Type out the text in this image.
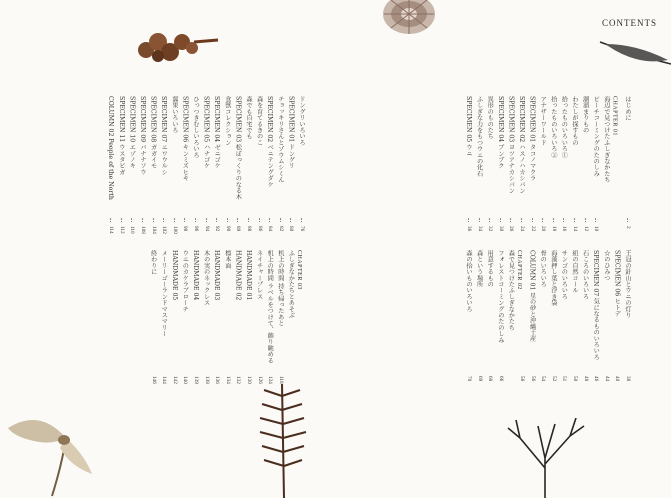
CONTENTS
はじめに
2
CHAPTER 01
海辺で見つけたふしぎなかたち
ビーチコーミングのたのしみ
10
潮溜まりもの
12
わたしが探すもの
14
拾ったものいろいろ①
16
拾ったものいろいろ②
18
アナザーワールド
20
SPECIMEN 01 タコノマクラ
22
SPECIMEN 02 ハスノハカシパン
24
SPECIMEN 03 ヨツアナカシパン
26
SPECIMEN 04 ブンブク
30
異形のものたち
32
ふしぎな力をもつウニの化石
34
SPECIMEN 05 ウニ
36
王冠の針山とウニの灯り
38
SPECIMEN 06 ヒトデ
40
☆のひみつ
44
SPECIMEN 07 気になるものいろいろ
46
石ころのいろいろ
48
紐の自然コール
50
サンゴのいろいろ
51
海藻押し葉と浮き袋
52
骨のいろいろ
54
COLUMN 01 星の砂と沖縄土産
56
CHAPTER 02
58
森で見つけたふしぎなかたち
フォレストコーミングのたのしみ
66
用意するもの
68
森という場所
69
森の拾いものいろいろ
70
ドングリいろいろ
76
SPECIMEN 01 ドングリ
80
チョッキリさんとゾウムシくん
82
SPECIMEN 02 ベニテングダケ
84
森を育てるきのこ
86
森でも自宅でも
88
SPECIMEN 03 松ぼっくりのなる木
89
食獣コレクション
90
SPECIMEN 04 ゼニゴケ
92
SPECIMEN 05 ハナゴケ
94
ひっつきむしいろいろ
96
SPECIMEN 06 キンミズヒキ
98
翼果いろいろ
100
SPECIMEN 07 ニワウルシ
102
SPECIMEN 08 ガガイモ
104
SPECIMEN 09 バナナソウ
108
SPECIMEN 10 エゾノキ
110
SPECIMEN 11 ウスタビガ
112
COLUMN 02 People of the North
114
CHAPTER 03
ふしぎなかたちとあそぶ
机上の時間 持ち帰ったあと
118
机上の時間 ラベルをつけて、飾り眺める
124
ネイチャープレス
126
HANDMADE 01
130
HANDMADE 02
132
標本面
134
HANDMADE 03
136
木の実のネックレス
138
HANDMADE 04
139
ウニのカケラブローチ
140
HANDMADE 05
142
メーリーゴーランドマスマリー
144
終わりに
146
